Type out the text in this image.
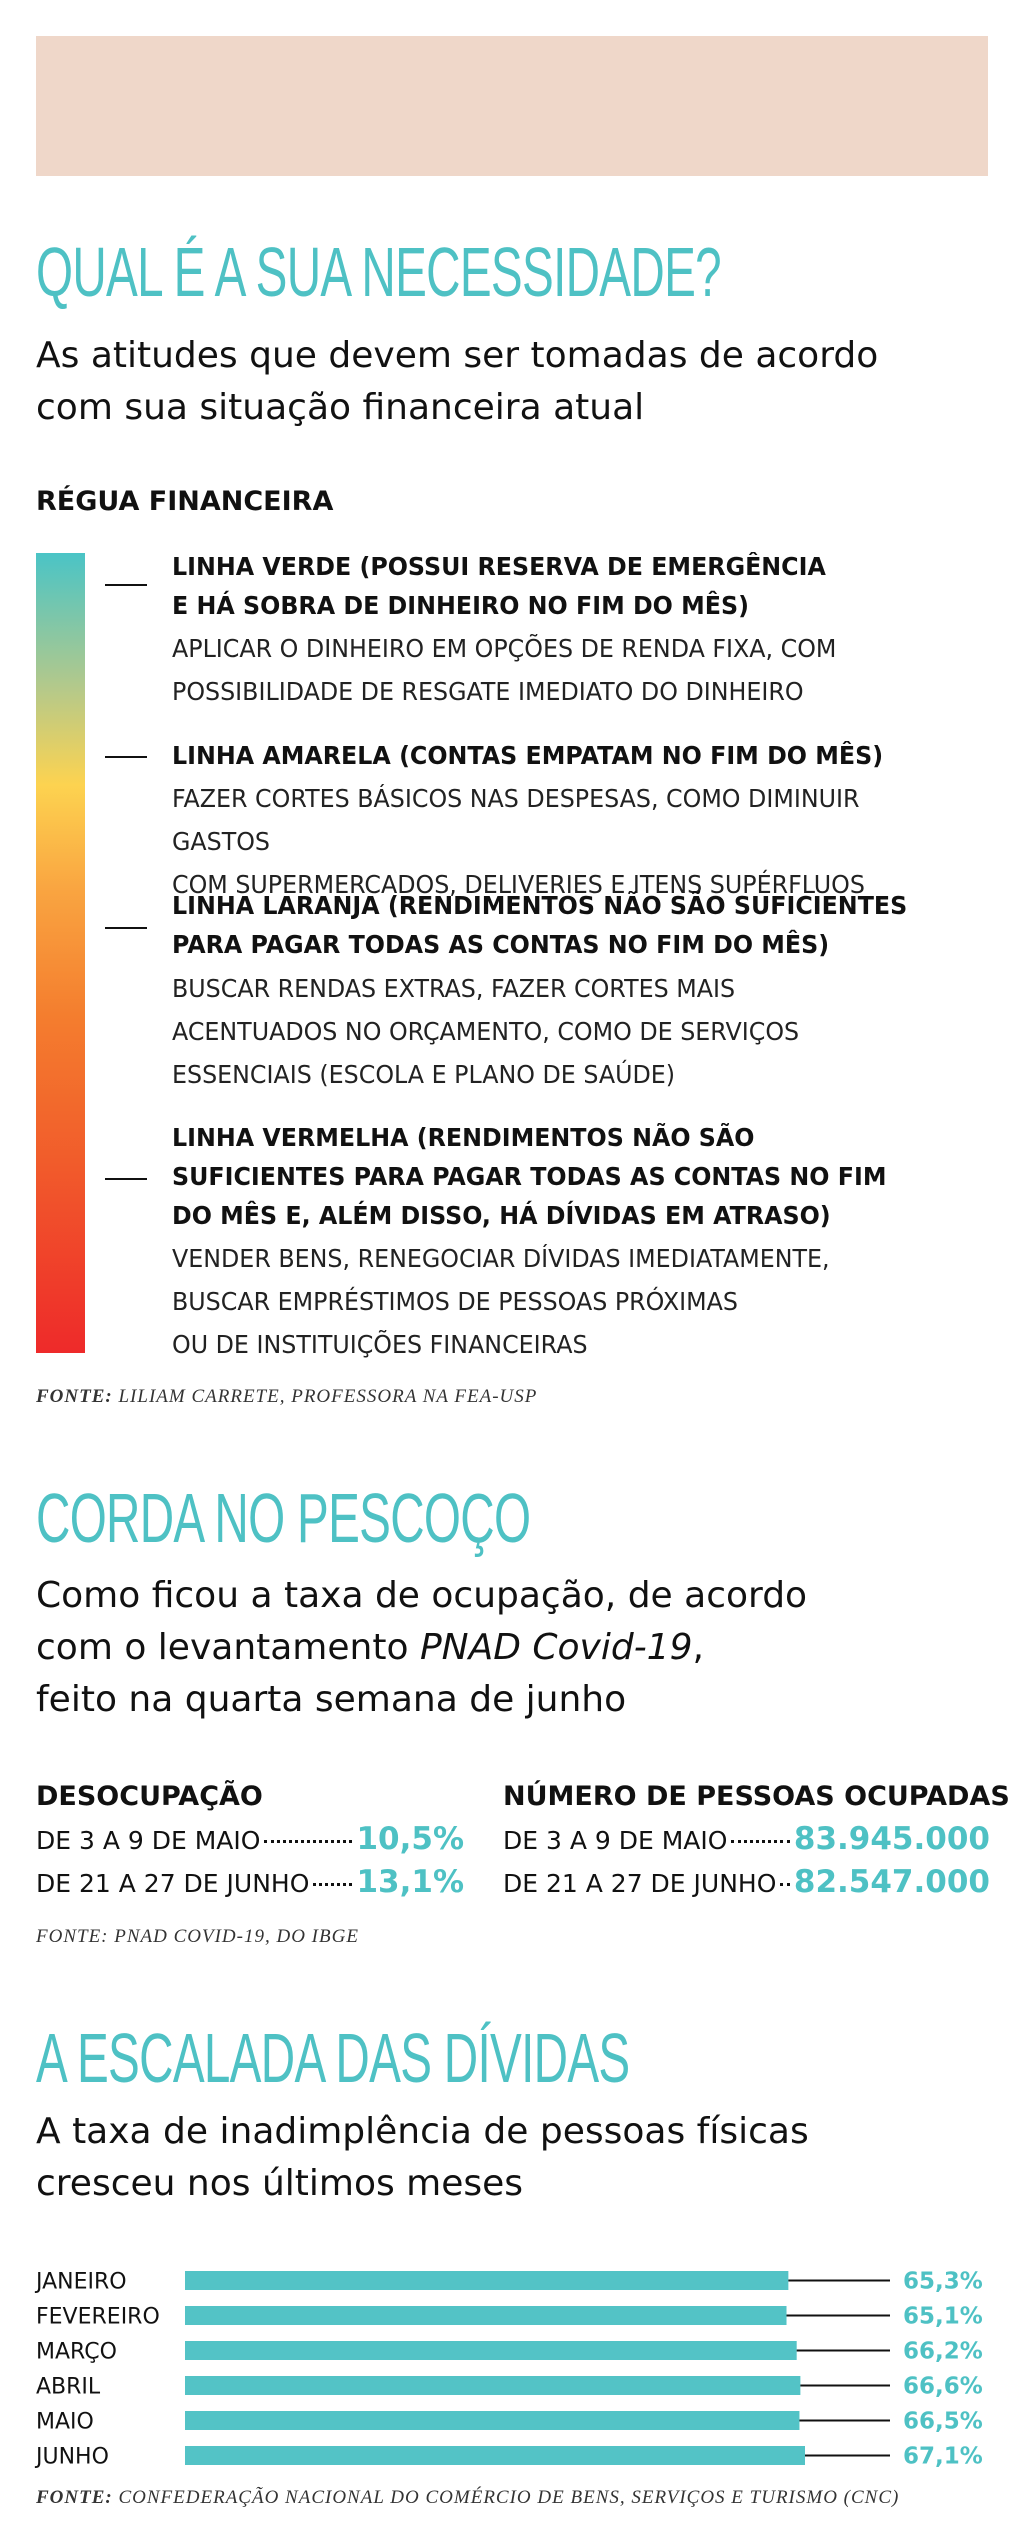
QUAL É A SUA NECESSIDADE?

As atitudes que devem ser tomadas de acordo
com sua situação financeira atual

RÉGUA FINANCEIRA
LINHA VERDE (POSSUI RESERVA DE EMERGÊNCIA
E HÁ SOBRA DE DINHEIRO NO FIM DO MÊS)
APLICAR O DINHEIRO EM OPÇÕES DE RENDA FIXA, COM
POSSIBILIDADE DE RESGATE IMEDIATO DO DINHEIRO
LINHA AMARELA (CONTAS EMPATAM NO FIM DO MÊS)
FAZER CORTES BÁSICOS NAS DESPESAS, COMO DIMINUIR GASTOS
COM SUPERMERCADOS, DELIVERIES E ITENS SUPÉRFLUOS
LINHA LARANJA (RENDIMENTOS NÃO SÃO SUFICIENTES
PARA PAGAR TODAS AS CONTAS NO FIM DO MÊS)
BUSCAR RENDAS EXTRAS, FAZER CORTES MAIS
ACENTUADOS NO ORÇAMENTO, COMO DE SERVIÇOS
ESSENCIAIS (ESCOLA E PLANO DE SAÚDE)
LINHA VERMELHA (RENDIMENTOS NÃO SÃO
SUFICIENTES PARA PAGAR TODAS AS CONTAS NO FIM
DO MÊS E, ALÉM DISSO, HÁ DÍVIDAS EM ATRASO)
VENDER BENS, RENEGOCIAR DÍVIDAS IMEDIATAMENTE,
BUSCAR EMPRÉSTIMOS DE PESSOAS PRÓXIMAS
OU DE INSTITUIÇÕES FINANCEIRAS
FONTE: LILIAM CARRETE, PROFESSORA NA FEA-USP
CORDA NO PESCOÇO

Como ficou a taxa de ocupação, de acordo
com o levantamento PNAD Covid-19,
feito na quarta semana de junho

DESOCUPAÇÃO
DE 3 A 9 DE MAIO	10,5%
DE 21 A 27 DE JUNHO 13,1%
NÚMERO DE PESSOAS OCUPADAS
DE 3 A 9 DE MAIO 83.945.000
DE 21 A 27 DE JUNHO 82.547.000
FONTE: PNAD COVID-19, DO IBGE
A ESCALADA DAS DÍVIDAS

A taxa de inadimplência de pessoas físicas
cresceu nos últimos meses

JANEIRO	65,3%
FEVEREIRO	65,1%
MARÇO	66,2%
ABRIL	66,6%
MAIO	66,5%
JUNHO	67,1%
FONTE: CONFEDERAÇÃO NACIONAL DO COMÉRCIO DE BENS, SERVIÇOS E TURISMO (CNC)
